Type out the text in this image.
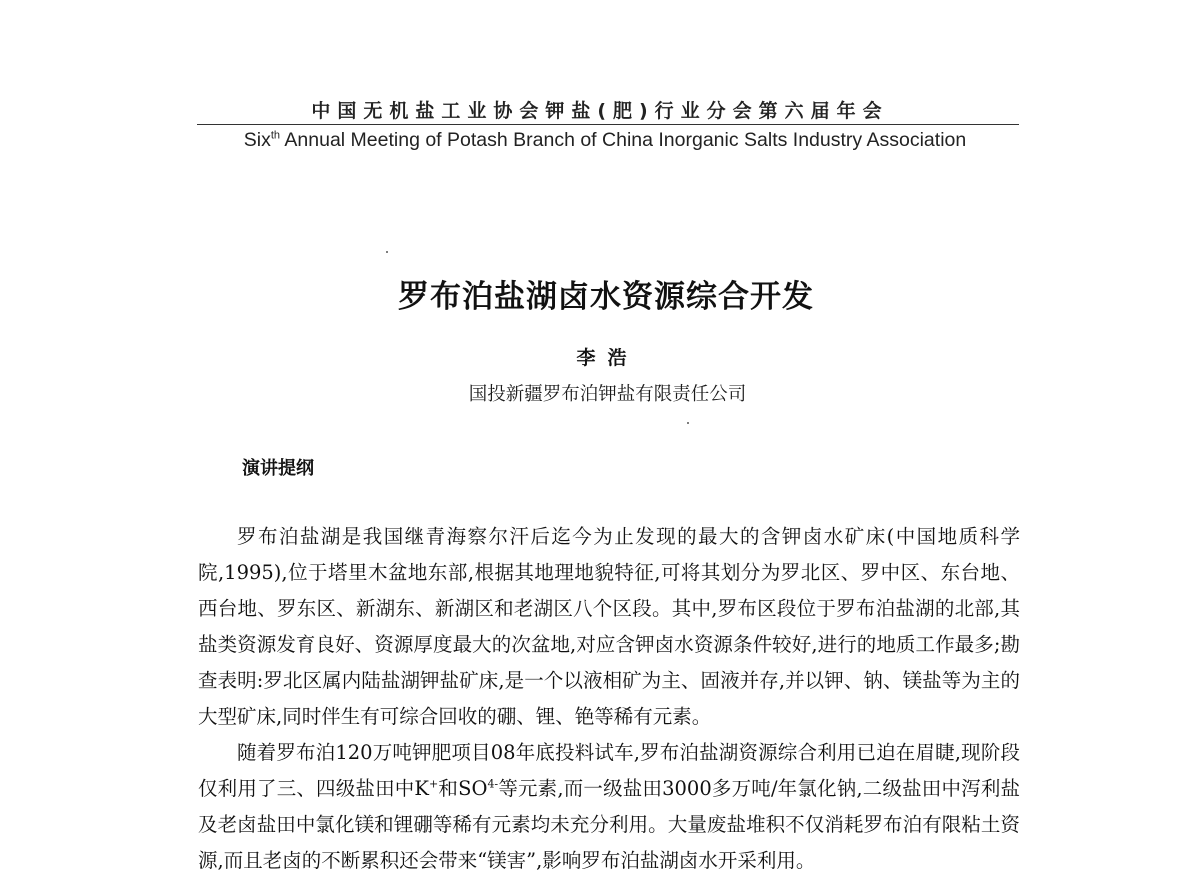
中国无机盐工业协会钾盐(肥)行业分会第六届年会
Six$^{th}$ Annual Meeting of Potash Branch of China Inorganic Salts Industry Association
罗布泊盐湖卤水资源综合开发
李浩
国投新疆罗布泊钾盐有限责任公司
演讲提纲

罗布泊盐湖是我国继青海察尔汗后迄今为止发现的最大的含钾卤水矿床(中国地质科学院,1995),位于塔里木盆地东部,根据其地理地貌特征,可将其划分为罗北区、罗中区、东台地、西台地、罗东区、新湖东、新湖区和老湖区八个区段。其中,罗布区段位于罗布泊盐湖的北部,其盐类资源发育良好、资源厚度最大的次盆地,对应含钾卤水资源条件较好,进行的地质工作最多;勘查表明:罗北区属内陆盐湖钾盐矿床,是一个以液相矿为主、固液并存,并以钾、钠、镁盐等为主的大型矿床,同时伴生有可综合回收的硼、锂、铯等稀有元素。

随着罗布泊120万吨钾肥项目08年底投料试车,罗布泊盐湖资源综合利用已迫在眉睫,现阶段仅利用了三、四级盐田中K+和$SO^{4-}$等元素,而一级盐田3000多万吨/年氯化钠,二级盐田中泻利盐及老卤盐田中氯化镁和锂硼等稀有元素均未充分利用。大量废盐堆积不仅消耗罗布泊有限粘土资源,而且老卤的不断累积还会带来“镁害”,影响罗布泊盐湖卤水开采利用。
